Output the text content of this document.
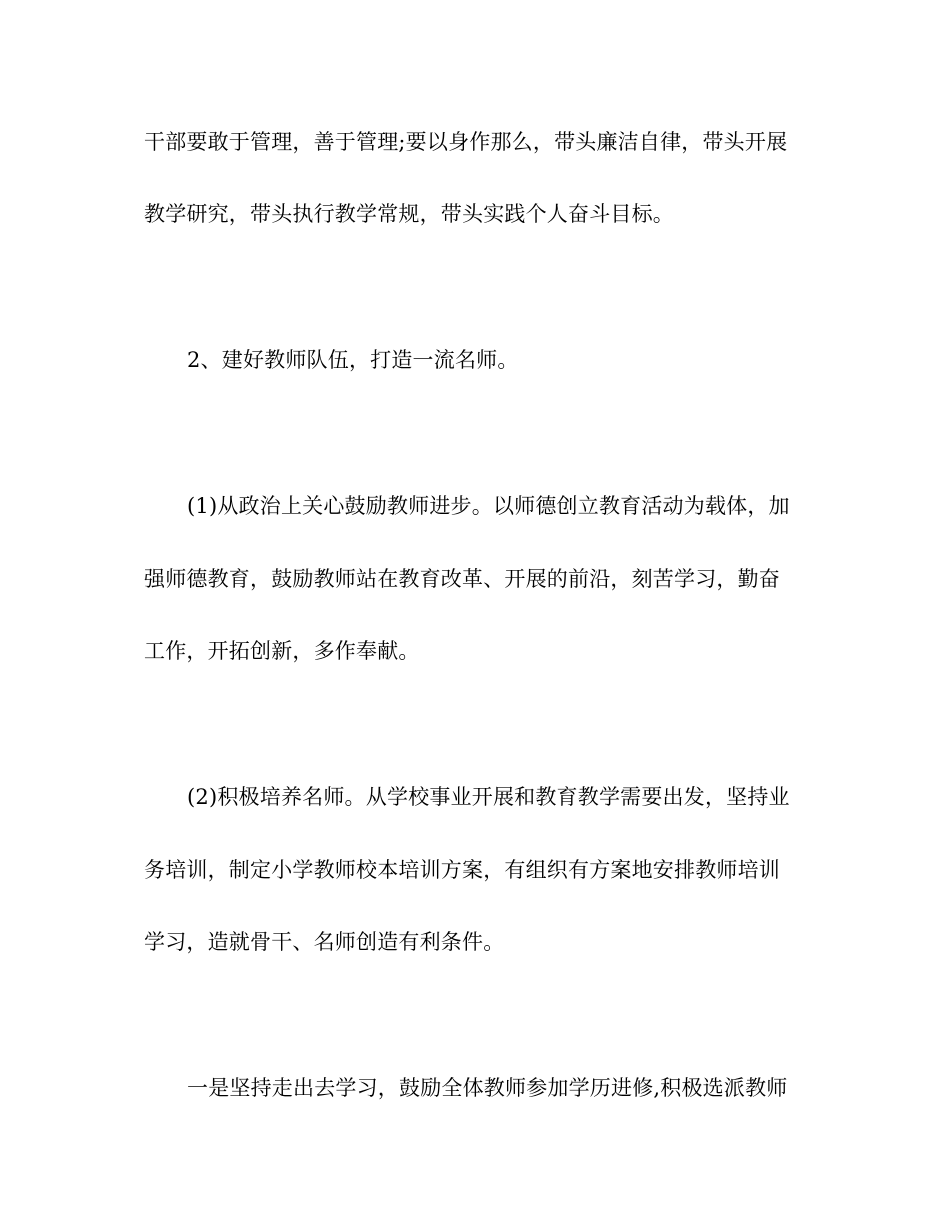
干部要敢于管理，善于管理;要以身作那么，带头廉洁自律，带头开展
教学研究，带头执行教学常规，带头实践个人奋斗目标。
2、建好教师队伍，打造一流名师。
(1)从政治上关心鼓励教师进步。以师德创立教育活动为载体，加
强师德教育，鼓励教师站在教育改革、开展的前沿，刻苦学习，勤奋
工作，开拓创新，多作奉献。
(2)积极培养名师。从学校事业开展和教育教学需要出发，坚持业
务培训，制定小学教师校本培训方案，有组织有方案地安排教师培训
学习，造就骨干、名师创造有利条件。
一是坚持走出去学习，鼓励全体教师参加学历进修,积极选派教师
